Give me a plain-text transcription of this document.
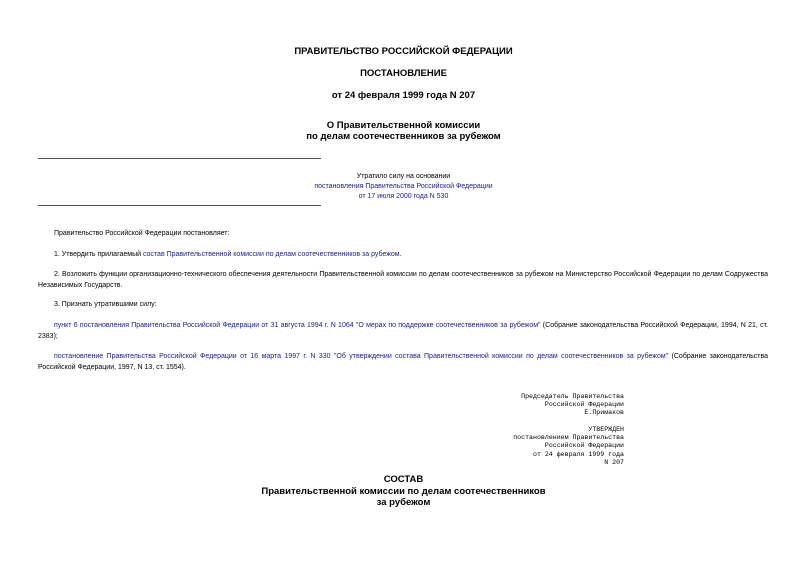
ПРАВИТЕЛЬСТВО РОССИЙСКОЙ ФЕДЕРАЦИИ
ПОСТАНОВЛЕНИЕ
от 24 февраля 1999 года N 207
О Правительственной комиссии
по делам соотечественников за рубежом
Утратило силу на основании
постановления Правительства Российской Федерации
от 17 июля 2000 года N 530
Правительство Российской Федерации постановляет:
1. Утвердить прилагаемый состав Правительственной комиссии по делам соотечественников за рубежом.
2. Возложить функции организационно-технического обеспечения деятельности Правительственной комиссии по делам соотечественников за рубежом на Министерство Российской Федерации по делам Содружества Независимых Государств.
3. Признать утратившими силу:
пункт 6 постановления Правительства Российской Федерации от 31 августа 1994 г. N 1064 "О мерах по поддержке соотечественников за рубежом" (Собрание законодательства Российской Федерации, 1994, N 21, ст. 2383);
постановление Правительства Российской Федерации от 16 марта 1997 г. N 330 "Об утверждении состава Правительственной комиссии по делам соотечественников за рубежом" (Собрание законодательства Российской Федерации, 1997, N 13, ст. 1554).
Председатель Правительства
Российской Федерации
Е.Примаков
УТВЕРЖДЕН
постановлением Правительства
Российской Федерации
от 24 февраля 1999 года
N 207
СОСТАВ
Правительственной комиссии по делам соотечественников
за рубежом
